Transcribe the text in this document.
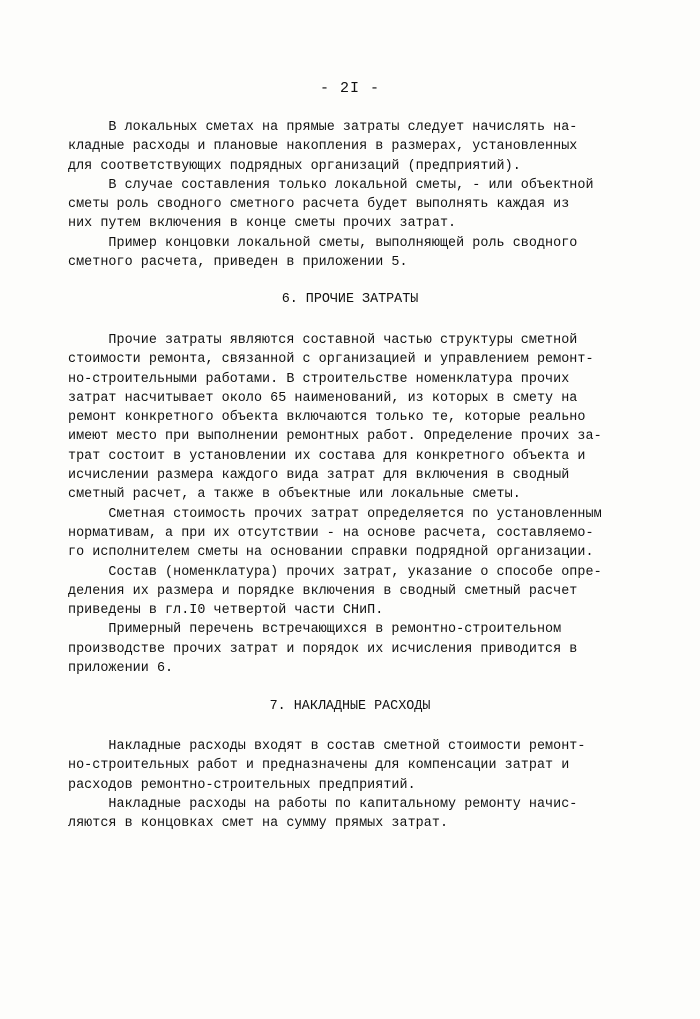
- 2I -
В локальных сметах на прямые затраты следует начислять на-
кладные расходы и плановые накопления в размерах, установленных
для соответствующих подрядных организаций (предприятий).
В случае составления только локальной сметы, - или объектной
сметы роль сводного сметного расчета будет выполнять каждая из
них путем включения в конце сметы прочих затрат.
Пример концовки локальной сметы, выполняющей роль сводного
сметного расчета, приведен в приложении 5.
6. ПРОЧИЕ ЗАТРАТЫ
Прочие затраты являются составной частью структуры сметной
стоимости ремонта, связанной с организацией и управлением ремонт-
но-строительными работами. В строительстве номенклатура прочих
затрат насчитывает около 65 наименований, из которых в смету на
ремонт конкретного объекта включаются только те, которые реально
имеют место при выполнении ремонтных работ. Определение прочих за-
трат состоит в установлении их состава для конкретного объекта и
исчислении размера каждого вида затрат для включения в сводный
сметный расчет, а также в объектные или локальные сметы.
Сметная стоимость прочих затрат определяется по установленным
нормативам, а при их отсутствии - на основе расчета, составляемо-
го исполнителем сметы на основании справки подрядной организации.
Состав (номенклатура) прочих затрат, указание о способе опре-
деления их размера и порядке включения в сводный сметный расчет
приведены в гл.I0 четвертой части СНиП.
Примерный перечень встречающихся в ремонтно-строительном
производстве прочих затрат и порядок их исчисления приводится в
приложении 6.
7. НАКЛАДНЫЕ РАСХОДЫ
Накладные расходы входят в состав сметной стоимости ремонт-
но-строительных работ и предназначены для компенсации затрат и
расходов ремонтно-строительных предприятий.
Накладные расходы на работы по капитальному ремонту начис-
ляются в концовках смет на сумму прямых затрат.
